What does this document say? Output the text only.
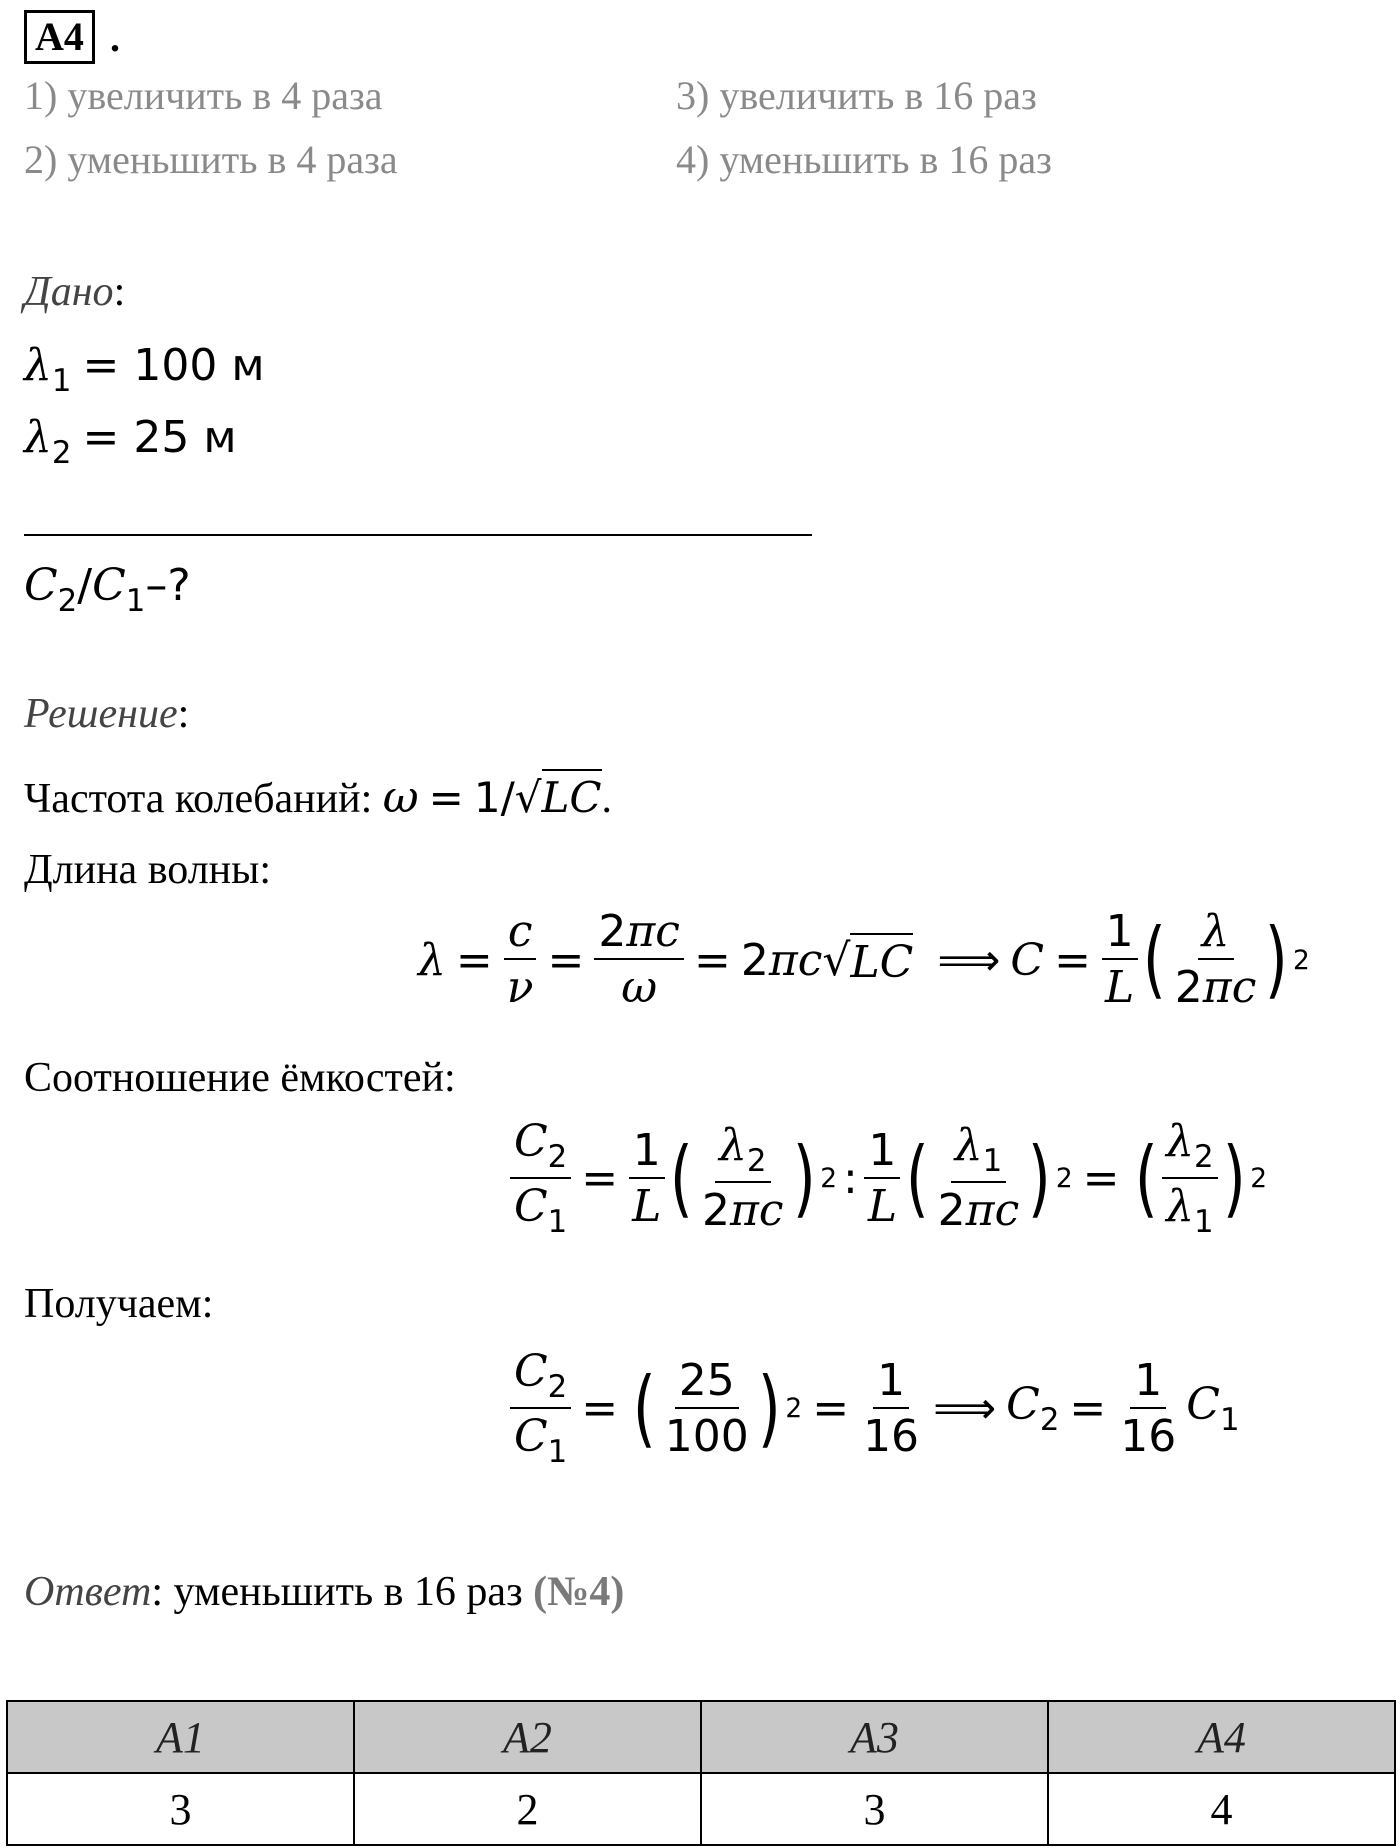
A4 .
1) увеличить в 4 раза
2) уменьшить в 4 раза
3) увеличить в 16 раз
4) уменьшить в 16 раз
Дано:
$\lambda_1 = 100$ м
$\lambda_2 = 25$ м
$C_2/C_1-$?
Решение:
Частота колебаний: ω = 1/√LC.
Длина волны:
$\lambda = \frac{c}{\nu} = \frac{2\pi c}{\omega} = 2\pi c$ √ LC ⟹ $C = \frac{1}{L}$ ( $\frac{\lambda}{2\pi c}$ ) 2
Соотношение ёмкостей:
$\frac{C_2}{C_1} = \frac{1}{L}$ ( $\frac{\lambda_2}{2\pi c}$ ) 2 : $\frac{1}{L}$ ( $\frac{\lambda_1}{2\pi c}$ ) 2 = ( $\frac{\lambda_2}{\lambda_1}$ ) 2
Получаем:
$\frac{C_2}{C_1}$ = ( $\frac{25}{100}$ ) $2 = \frac{1}{16}$ ⟹ $C_2 = \frac{1}{16} C_1$
Ответ: уменьшить в 16 раз (№4)
A1	A2	A3	A4
3	2	3	4
